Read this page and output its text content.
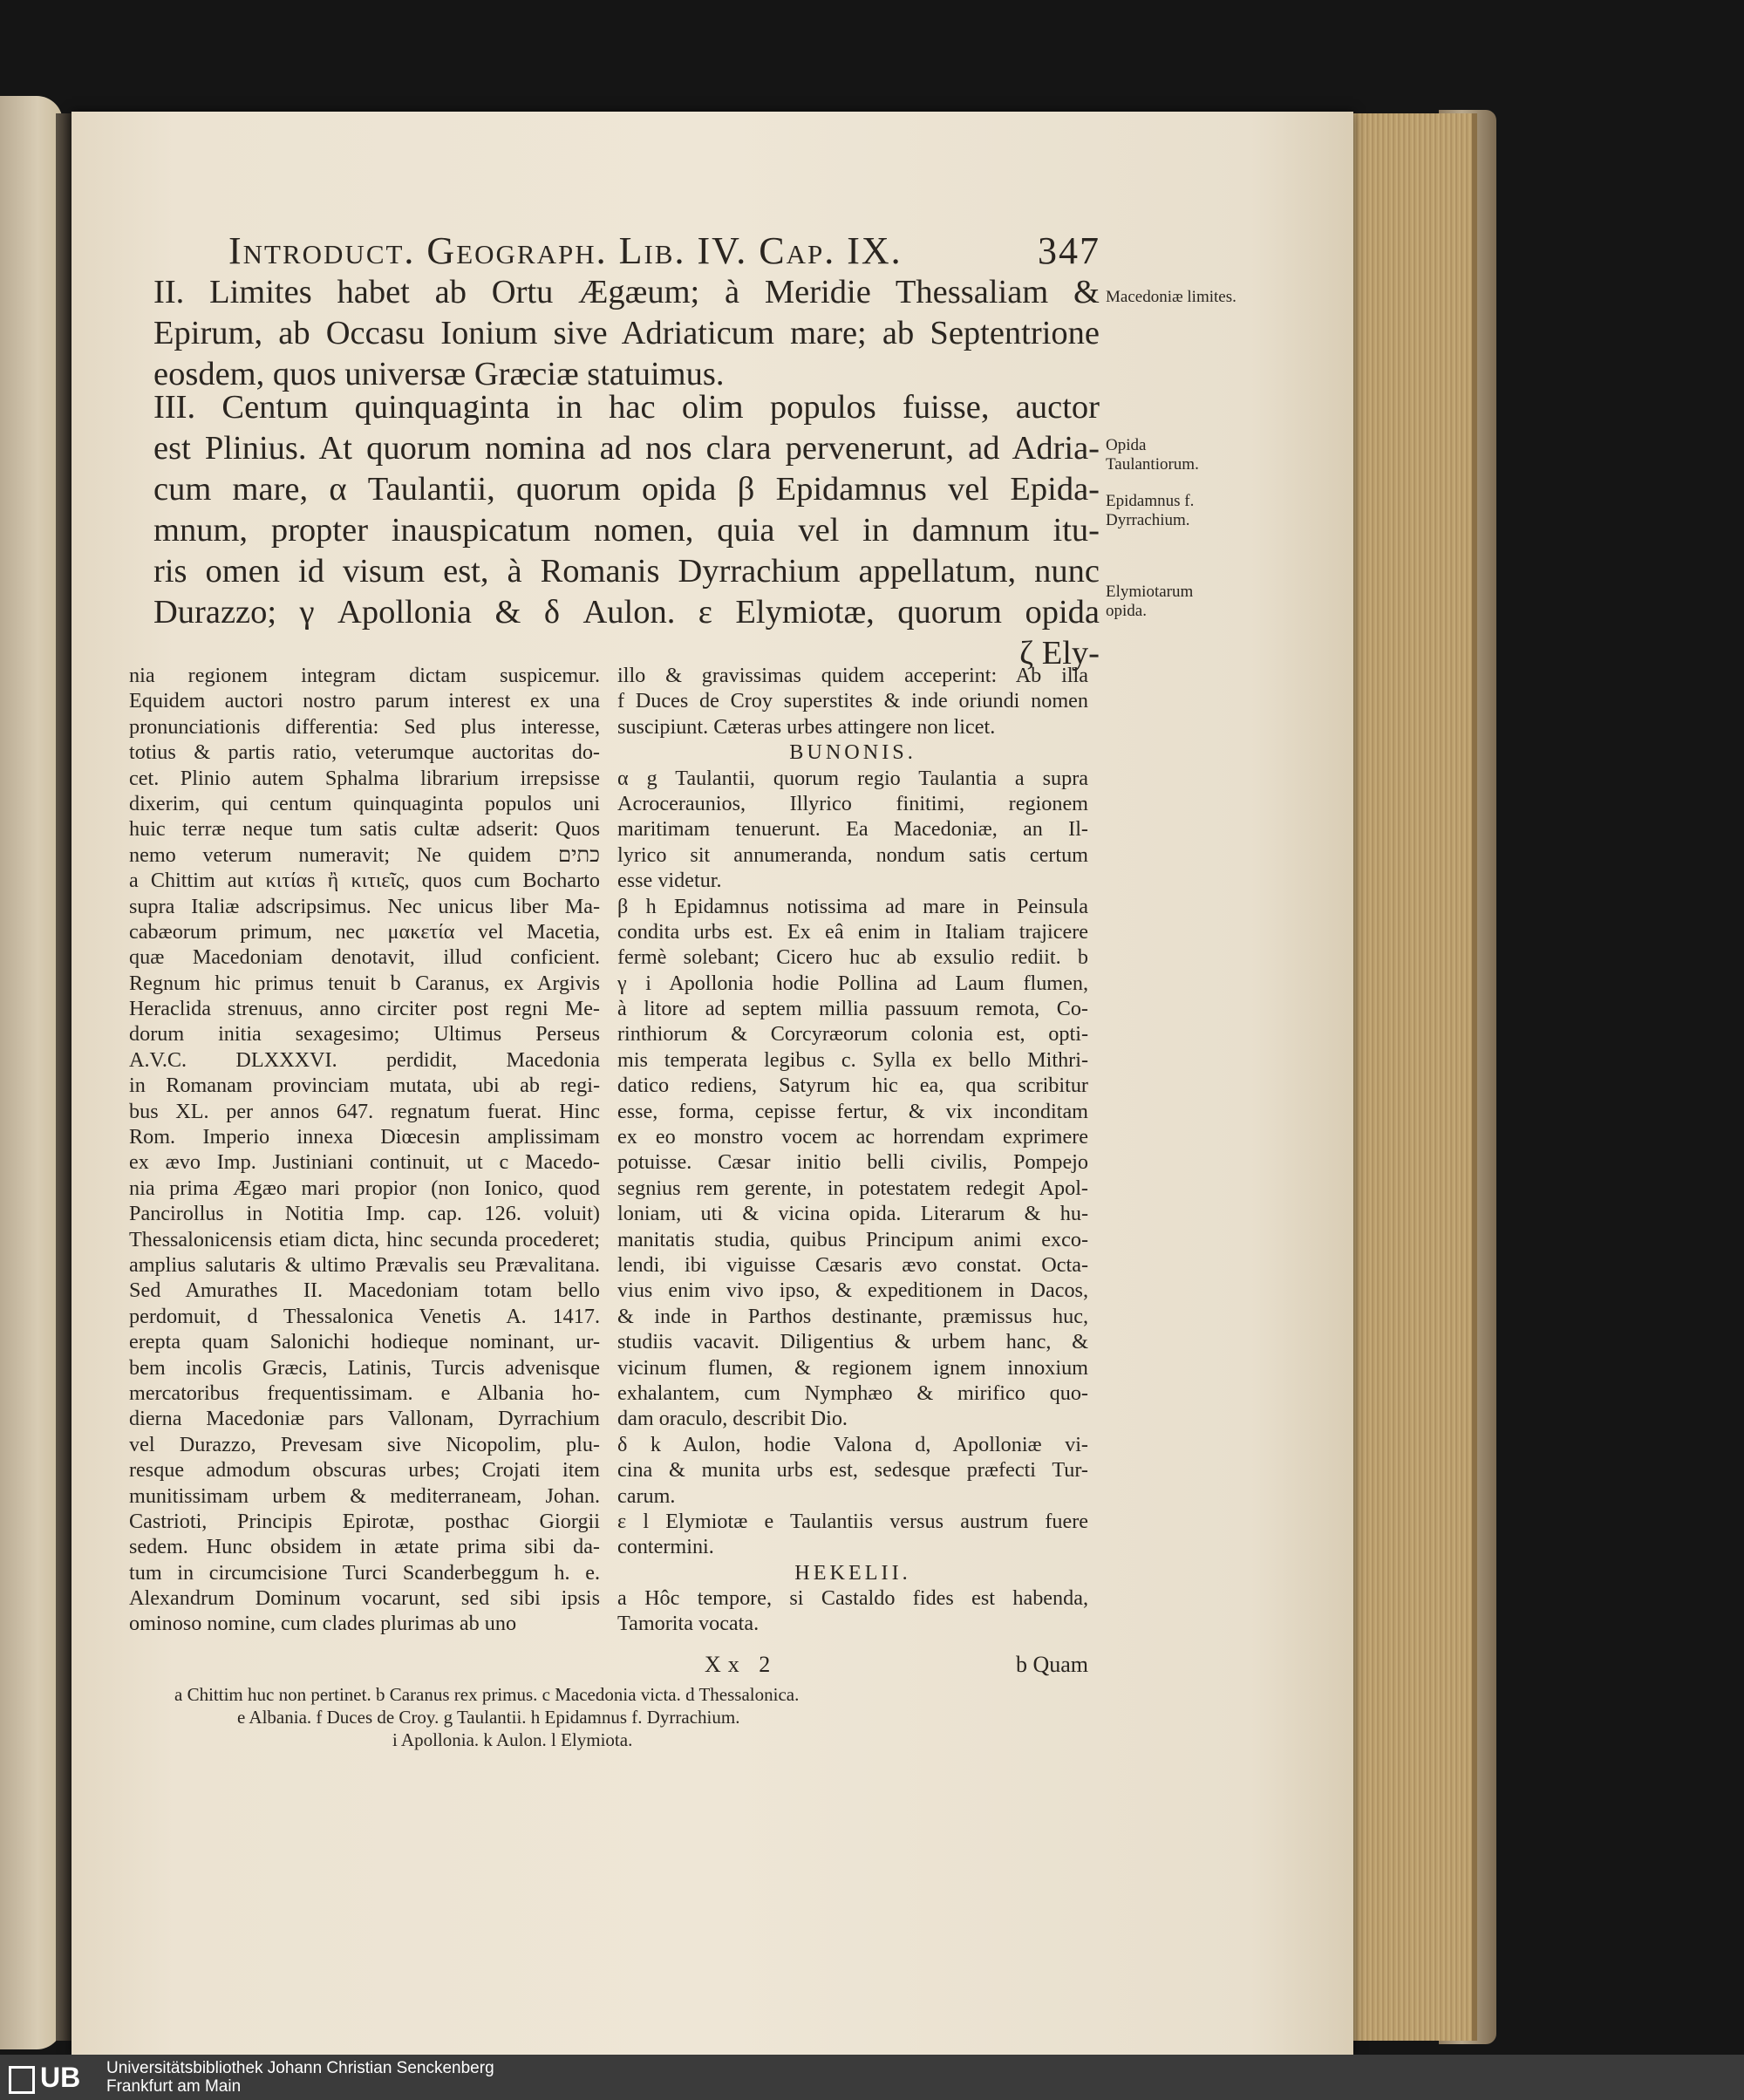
Introduct. Geograph. Lib. IV. Cap. IX.	347
II. Limites habet ab Ortu Ægæum; à Meridie Thessaliam &
Epirum, ab Occasu Ionium sive Adriaticum mare; ab Septentrione
eosdem, quos universæ Græciæ statuimus.
III. Centum quinquaginta in hac olim populos fuisse, auctor
est Plinius. At quorum nomina ad nos clara pervenerunt, ad Adria-
cum mare, α Taulantii, quorum opida β Epidamnus vel Epida-
mnum, propter inauspicatum nomen, quia vel in damnum itu-
ris omen id visum est, à Romanis Dyrrachium appellatum, nunc
Durazzo; γ Apollonia & δ Aulon. ε Elymiotæ, quorum opida
ζ Ely-
Macedoniæ limites.
Opida Taulantiorum.
Epidamnus f. Dyrrachium.
Elymiotarum opida.
nia regionem integram dictam suspicemur.
Equidem auctori nostro parum interest ex una
pronunciationis differentia: Sed plus interesse,
totius & partis ratio, veterumque auctoritas do-
cet. Plinio autem Sphalma librarium irrepsisse
dixerim, qui centum quinquaginta populos uni
huic terræ neque tum satis cultæ adserit: Quos
nemo veterum numeravit; Ne quidem כתים
a Chittim aut κιτίαs ἢ κιτιεῖς, quos cum Bocharto
supra Italiæ adscripsimus. Nec unicus liber Ma-
cabæorum primum, nec μακετία vel Macetia,
quæ Macedoniam denotavit, illud conficient.
Regnum hic primus tenuit b Caranus, ex Argivis
Heraclida strenuus, anno circiter post regni Me-
dorum initia sexagesimo; Ultimus Perseus
A.V.C. DLXXXVI. perdidit, Macedonia
in Romanam provinciam mutata, ubi ab regi-
bus XL. per annos 647. regnatum fuerat. Hinc
Rom. Imperio innexa Diœcesin amplissimam
ex ævo Imp. Justiniani continuit, ut c Macedo-
nia prima Ægæo mari propior (non Ionico, quod
Pancirollus in Notitia Imp. cap. 126. voluit)
Thessalonicensis etiam dicta, hinc secunda procederet;
amplius salutaris & ultimo Prævalis seu Prævalitana.
Sed Amurathes II. Macedoniam totam bello
perdomuit, d Thessalonica Venetis A. 1417.
erepta quam Salonichi hodieque nominant, ur-
bem incolis Græcis, Latinis, Turcis advenisque
mercatoribus frequentissimam. e Albania ho-
dierna Macedoniæ pars Vallonam, Dyrrachium
vel Durazzo, Prevesam sive Nicopolim, plu-
resque admodum obscuras urbes; Crojati item
munitissimam urbem & mediterraneam, Johan.
Castrioti, Principis Epirotæ, posthac Giorgii
sedem. Hunc obsidem in ætate prima sibi da-
tum in circumcisione Turci Scanderbeggum h. e.
Alexandrum Dominum vocarunt, sed sibi ipsis
ominoso nomine, cum clades plurimas ab uno
illo & gravissimas quidem acceperint: Ab illa
f Duces de Croy superstites & inde oriundi nomen
suscipiunt. Cæteras urbes attingere non licet.
BUNONIS.
α g Taulantii, quorum regio Taulantia a supra
Acroceraunios, Illyrico finitimi, regionem
maritimam tenuerunt. Ea Macedoniæ, an Il-
lyrico sit annumeranda, nondum satis certum
esse videtur.
β h Epidamnus notissima ad mare in Peinsula
condita urbs est. Ex eâ enim in Italiam trajicere
fermè solebant; Cicero huc ab exsulio rediit. b
γ i Apollonia hodie Pollina ad Laum flumen,
à litore ad septem millia passuum remota, Co-
rinthiorum & Corcyræorum colonia est, opti-
mis temperata legibus c. Sylla ex bello Mithri-
datico rediens, Satyrum hic ea, qua scribitur
esse, forma, cepisse fertur, & vix inconditam
ex eo monstro vocem ac horrendam exprimere
potuisse. Cæsar initio belli civilis, Pompejo
segnius rem gerente, in potestatem redegit Apol-
loniam, uti & vicina opida. Literarum & hu-
manitatis studia, quibus Principum animi exco-
lendi, ibi viguisse Cæsaris ævo constat. Octa-
vius enim vivo ipso, & expeditionem in Dacos,
& inde in Parthos destinante, præmissus huc,
studiis vacavit. Diligentius & urbem hanc, &
vicinum flumen, & regionem ignem innoxium
exhalantem, cum Nymphæo & mirifico quo-
dam oraculo, describit Dio.
δ k Aulon, hodie Valona d, Apolloniæ vi-
cina & munita urbs est, sedesque præfecti Tur-
carum.
ε l Elymiotæ e Taulantiis versus austrum fuere
contermini.
HEKELII.
a Hôc tempore, si Castaldo fides est habenda,
Tamorita vocata.
Xx 2	b Quam
a Chittim huc non pertinet. b Caranus rex primus. c Macedonia victa. d Thessalonica.
e Albania. f Duces de Croy. g Taulantii. h Epidamnus f. Dyrrachium.
i Apollonia. k Aulon. l Elymiota.
UB	Universitätsbibliothek Johann Christian Senckenberg
Frankfurt am Main
